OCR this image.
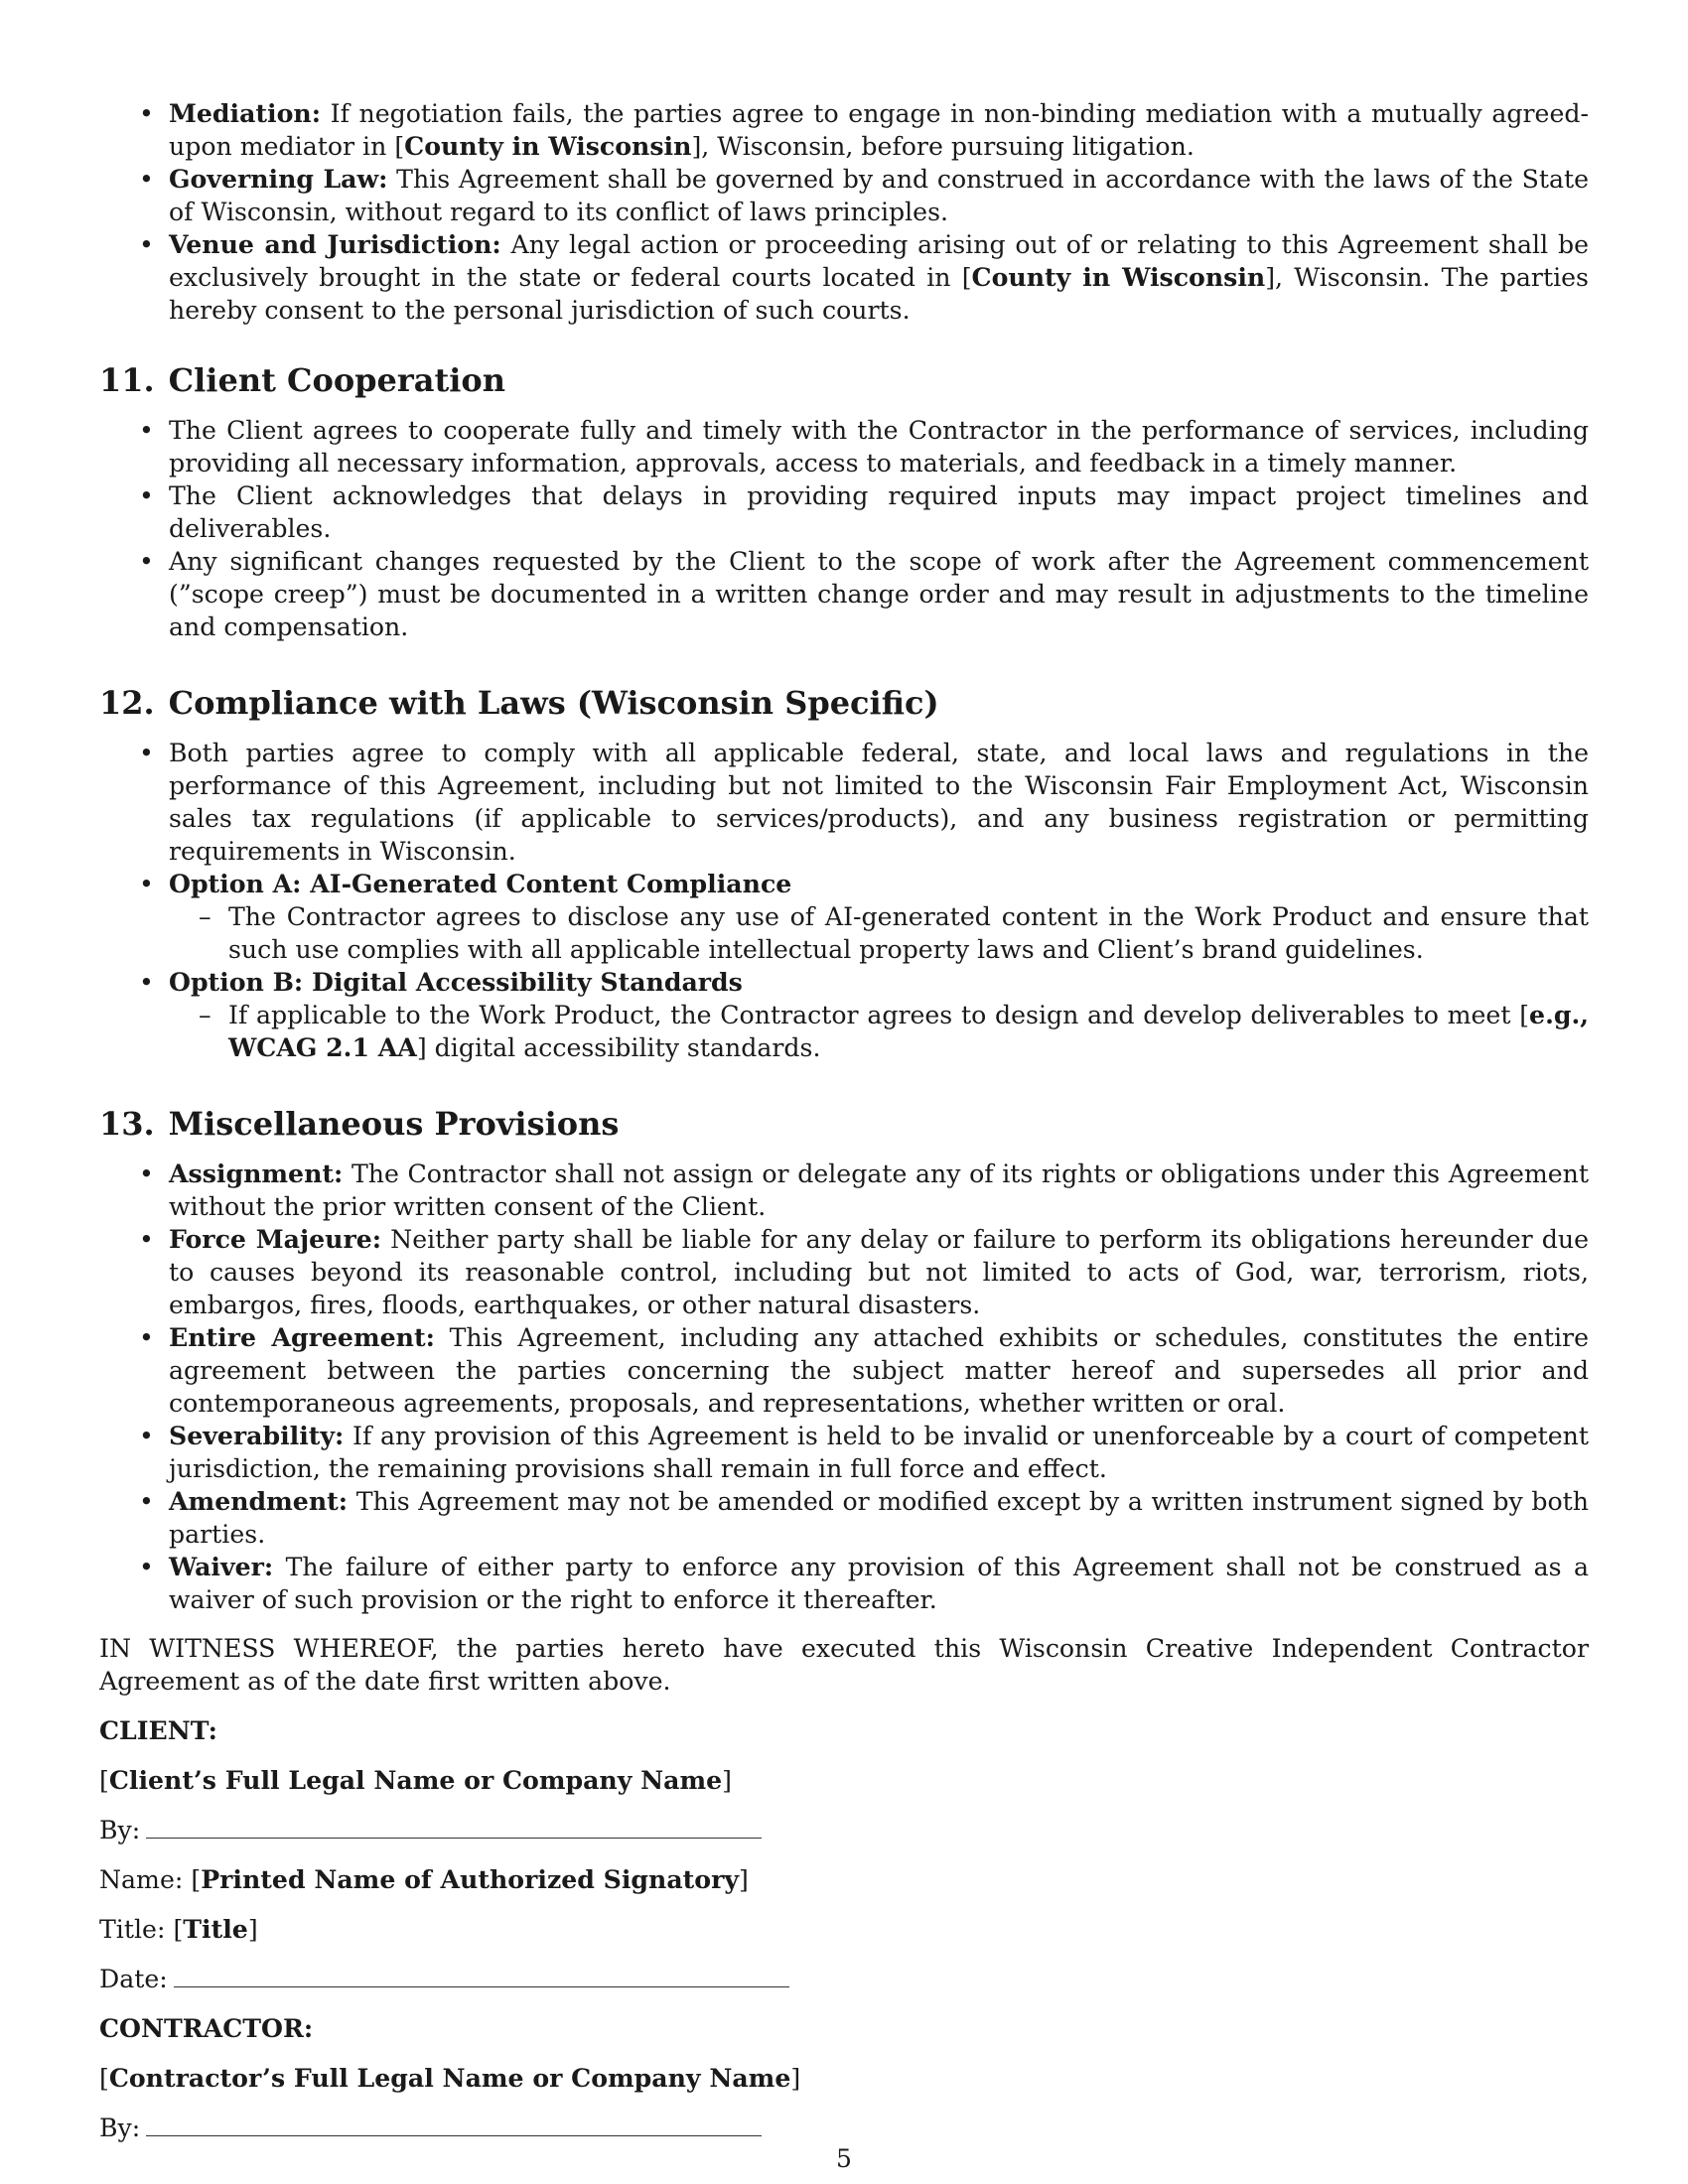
• Mediation: If negotiation fails, the parties agree to engage in non-binding mediation with a mutually agreed-upon mediator in [County in Wisconsin], Wisconsin, before pursuing litigation.
• Governing Law: This Agreement shall be governed by and construed in accordance with the laws of the State of Wisconsin, without regard to its conflict of laws principles.
• Venue and Jurisdiction: Any legal action or proceeding arising out of or relating to this Agreement shall be exclusively brought in the state or federal courts located in [County in Wisconsin], Wisconsin. The parties hereby consent to the personal jurisdiction of such courts.
11. Client Cooperation
• The Client agrees to cooperate fully and timely with the Contractor in the performance of services, including providing all necessary information, approvals, access to materials, and feedback in a timely manner.
• The Client acknowledges that delays in providing required inputs may impact project timelines and deliverables.
• Any significant changes requested by the Client to the scope of work after the Agreement commencement (”scope creep”) must be documented in a written change order and may result in adjustments to the timeline and compensation.
12. Compliance with Laws (Wisconsin Specific)
• Both parties agree to comply with all applicable federal, state, and local laws and regulations in the performance of this Agreement, including but not limited to the Wisconsin Fair Employment Act, Wisconsin sales tax regulations (if applicable to services/products), and any business registration or permitting requirements in Wisconsin.
• Option A: AI-Generated Content Compliance
– The Contractor agrees to disclose any use of AI-generated content in the Work Product and ensure that such use complies with all applicable intellectual property laws and Client’s brand guidelines.
• Option B: Digital Accessibility Standards
– If applicable to the Work Product, the Contractor agrees to design and develop deliverables to meet [e.g., WCAG 2.1 AA] digital accessibility standards.
13. Miscellaneous Provisions
• Assignment: The Contractor shall not assign or delegate any of its rights or obligations under this Agreement without the prior written consent of the Client.
• Force Majeure: Neither party shall be liable for any delay or failure to perform its obligations hereunder due to causes beyond its reasonable control, including but not limited to acts of God, war, terrorism, riots, embargos, fires, floods, earthquakes, or other natural disasters.
• Entire Agreement: This Agreement, including any attached exhibits or schedules, constitutes the entire agreement between the parties concerning the subject matter hereof and supersedes all prior and contemporaneous agreements, proposals, and representations, whether written or oral.
• Severability: If any provision of this Agreement is held to be invalid or unenforceable by a court of competent jurisdiction, the remaining provisions shall remain in full force and effect.
• Amendment: This Agreement may not be amended or modified except by a written instrument signed by both parties.
• Waiver: The failure of either party to enforce any provision of this Agreement shall not be construed as a waiver of such provision or the right to enforce it thereafter.

IN WITNESS WHEREOF, the parties hereto have executed this Wisconsin Creative Independent Contractor Agreement as of the date first written above.

CLIENT:
[Client’s Full Legal Name or Company Name]
By:
Name: [Printed Name of Authorized Signatory]
Title: [Title]
Date:
CONTRACTOR:
[Contractor’s Full Legal Name or Company Name]
By:
5
